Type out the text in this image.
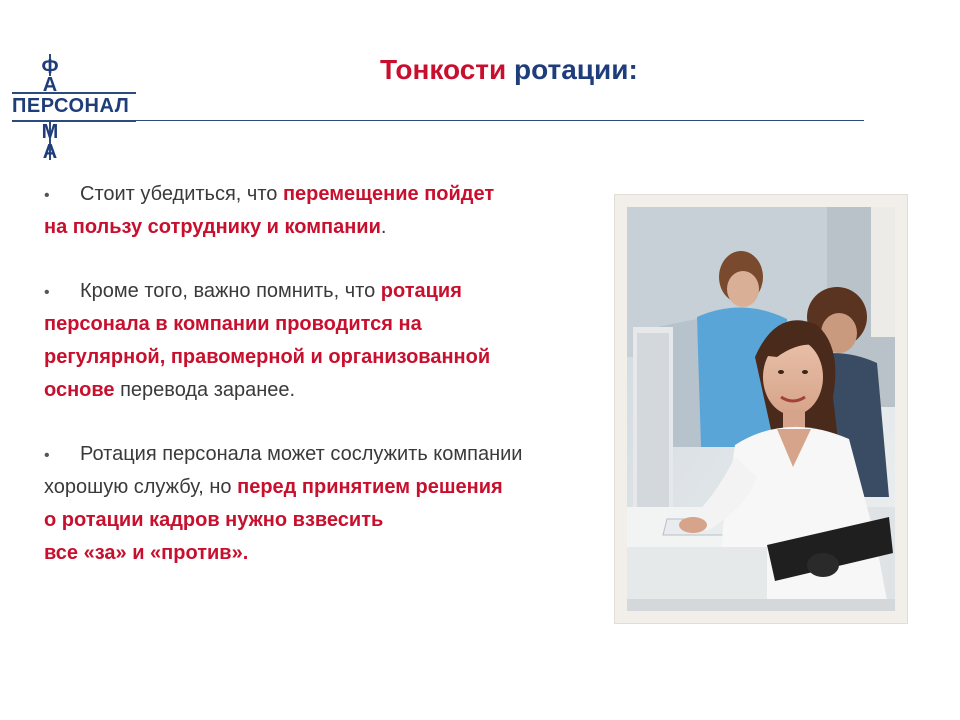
Ф
А
ПЕРСОНАЛ
М
А
Тонкости ротации:
• Стоит убедиться, что перемещение пойдет
на пользу сотруднику и компании.
• Кроме того, важно помнить, что ротация
персонала в компании проводится на
регулярной, правомерной и организованной
основе перевода заранее.
• Ротация персонала может сослужить компании
хорошую службу, но перед принятием решения
о ротации кадров нужно взвесить
все «за» и «против».
